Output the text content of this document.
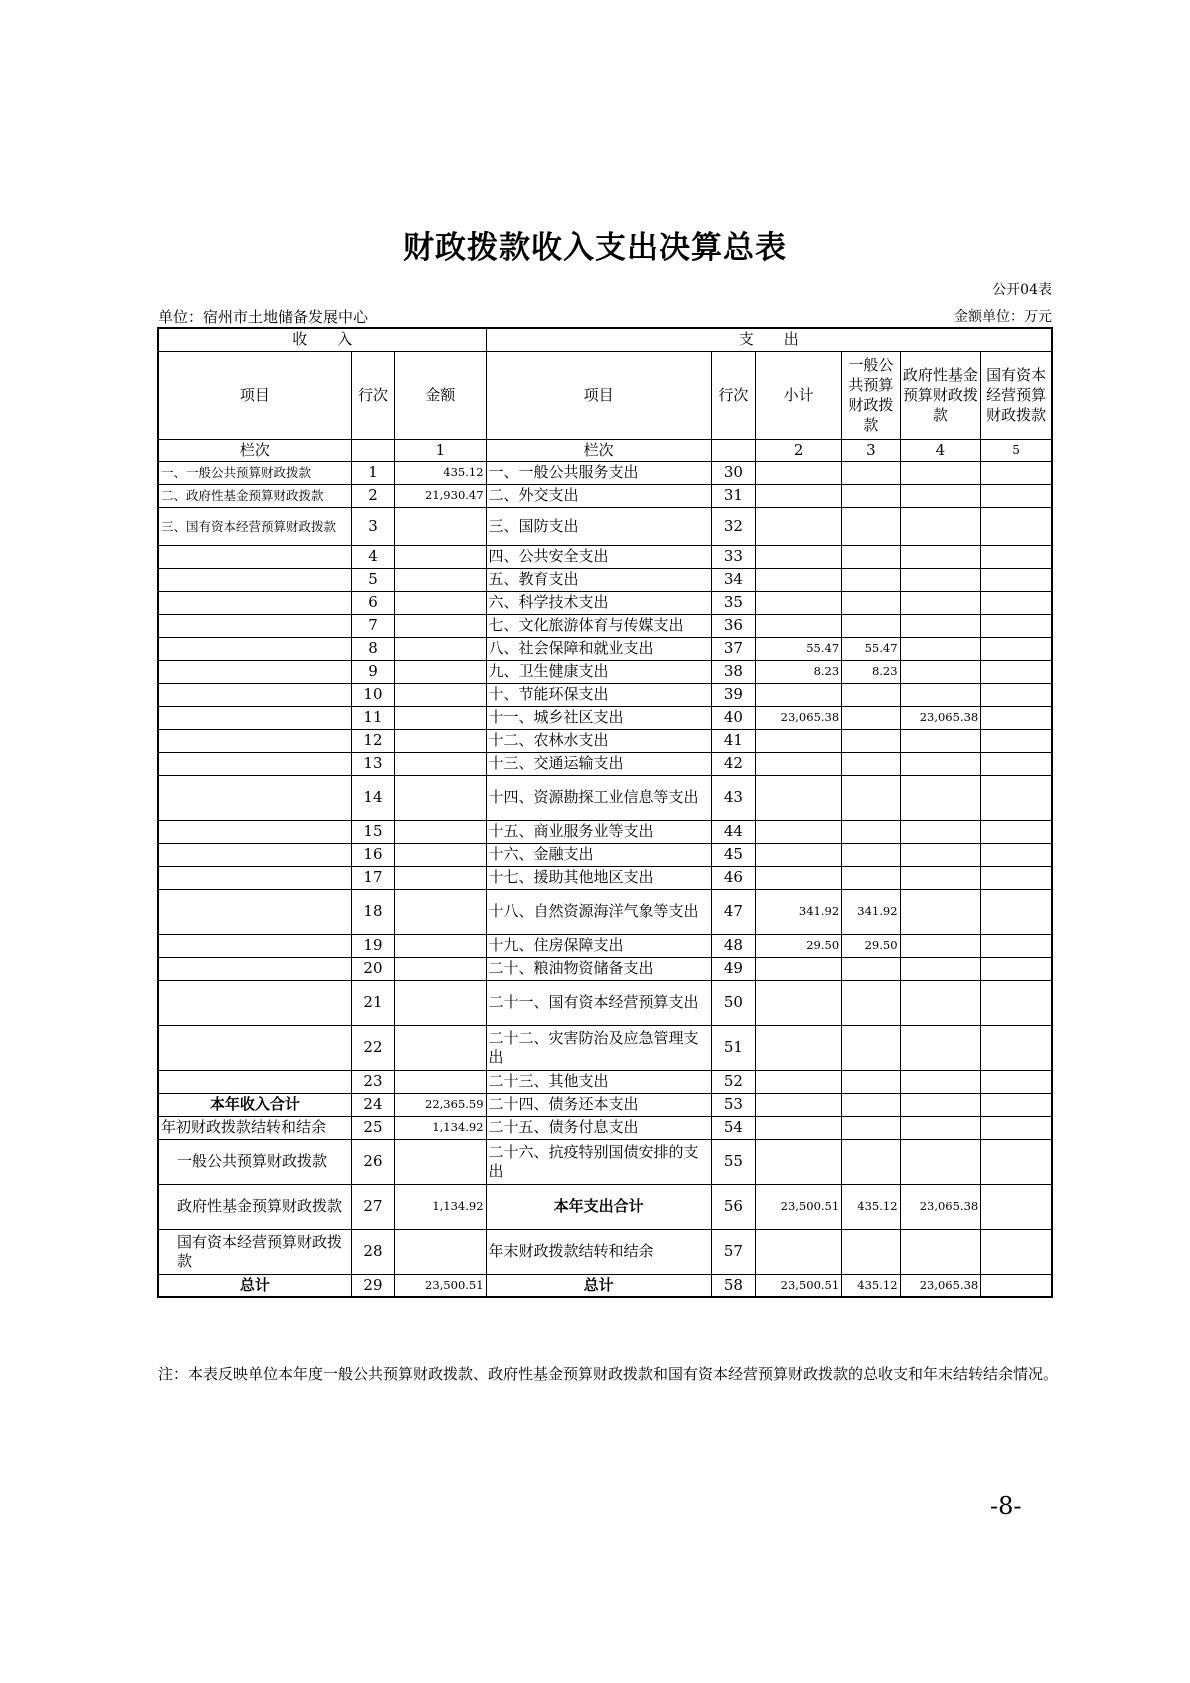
财政拨款收入支出决算总表
公开04表
单位：宿州市土地储备发展中心	金额单位：万元
收　　入			支　　出					
项目	行次	金额	项目	行次	小计	一般公共预算财政拨款	政府性基金预算财政拨款	国有资本经营预算财政拨款
栏次		1	栏次		2	3	4	5
一、一般公共预算财政拨款	1	435.12	一、一般公共服务支出	30				
二、政府性基金预算财政拨款	2	21,930.47	二、外交支出	31				
三、国有资本经营预算财政拨款	3		三、国防支出	32				
	4		四、公共安全支出	33				
	5		五、教育支出	34				
	6		六、科学技术支出	35				
	7		七、文化旅游体育与传媒支出	36				
	8		八、社会保障和就业支出	37	55.47	55.47		
	9		九、卫生健康支出	38	8.23	8.23		
	10		十、节能环保支出	39				
	11		十一、城乡社区支出	40	23,065.38		23,065.38	
	12		十二、农林水支出	41				
	13		十三、交通运输支出	42				
	14		十四、资源勘探工业信息等支出	43				
	15		十五、商业服务业等支出	44				
	16		十六、金融支出	45				
	17		十七、援助其他地区支出	46				
	18		十八、自然资源海洋气象等支出	47	341.92	341.92		
	19		十九、住房保障支出	48	29.50	29.50		
	20		二十、粮油物资储备支出	49				
	21		二十一、国有资本经营预算支出	50				
	22		二十二、灾害防治及应急管理支出	51				
	23		二十三、其他支出	52				
本年收入合计	24	22,365.59	二十四、债务还本支出	53				
年初财政拨款结转和结余	25	1,134.92	二十五、债务付息支出	54				
一般公共预算财政拨款	26		二十六、抗疫特别国债安排的支出	55				
政府性基金预算财政拨款	27	1,134.92	本年支出合计	56	23,500.51	435.12	23,065.38	
国有资本经营预算财政拨款	28		年末财政拨款结转和结余	57				
总计	29	23,500.51	总计	58	23,500.51	435.12	23,065.38	
注：本表反映单位本年度一般公共预算财政拨款、政府性基金预算财政拨款和国有资本经营预算财政拨款的总收支和年末结转结余情况。
-8-
